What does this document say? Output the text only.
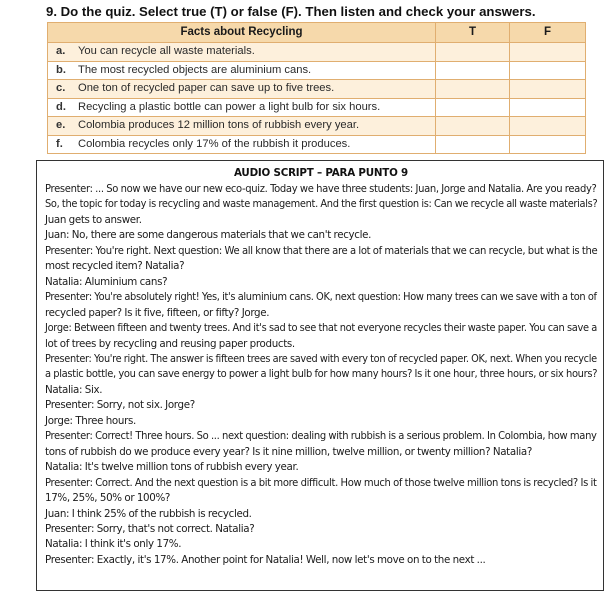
9. Do the quiz. Select true (T) or false (F). Then listen and check your answers.
Facts about Recycling	T	F
a. You can recycle all waste materials.		
b. The most recycled objects are aluminium cans.		
c. One ton of recycled paper can save up to five trees.		
d. Recycling a plastic bottle can power a light bulb for six hours.		
e. Colombia produces 12 million tons of rubbish every year.		
f. Colombia recycles only 17% of the rubbish it produces.		
AUDIO SCRIPT – PARA PUNTO 9
Presenter: ... So now we have our new eco-quiz. Today we have three students: Juan, Jorge and Natalia. Are you ready?
So, the topic for today is recycling and waste management. And the first question is: Can we recycle all waste materials?
Juan gets to answer.
Juan: No, there are some dangerous materials that we can't recycle.
Presenter: You're right. Next question: We all know that there are a lot of materials that we can recycle, but what is the
most recycled item? Natalia?
Natalia: Aluminium cans?
Presenter: You're absolutely right! Yes, it's aluminium cans. OK, next question: How many trees can we save with a ton of
recycled paper? Is it five, fifteen, or fifty? Jorge.
Jorge: Between fifteen and twenty trees. And it's sad to see that not everyone recycles their waste paper. You can save a
lot of trees by recycling and reusing paper products.
Presenter: You're right. The answer is fifteen trees are saved with every ton of recycled paper. OK, next. When you recycle
a plastic bottle, you can save energy to power a light bulb for how many hours? Is it one hour, three hours, or six hours?
Natalia: Six.
Presenter: Sorry, not six. Jorge?
Jorge: Three hours.
Presenter: Correct! Three hours. So ... next question: dealing with rubbish is a serious problem. In Colombia, how many
tons of rubbish do we produce every year? Is it nine million, twelve million, or twenty million? Natalia?
Natalia: It's twelve million tons of rubbish every year.
Presenter: Correct. And the next question is a bit more difficult. How much of those twelve million tons is recycled? Is it
17%, 25%, 50% or 100%?
Juan: I think 25% of the rubbish is recycled.
Presenter: Sorry, that's not correct. Natalia?
Natalia: I think it's only 17%.
Presenter: Exactly, it's 17%. Another point for Natalia! Well, now let's move on to the next ...
